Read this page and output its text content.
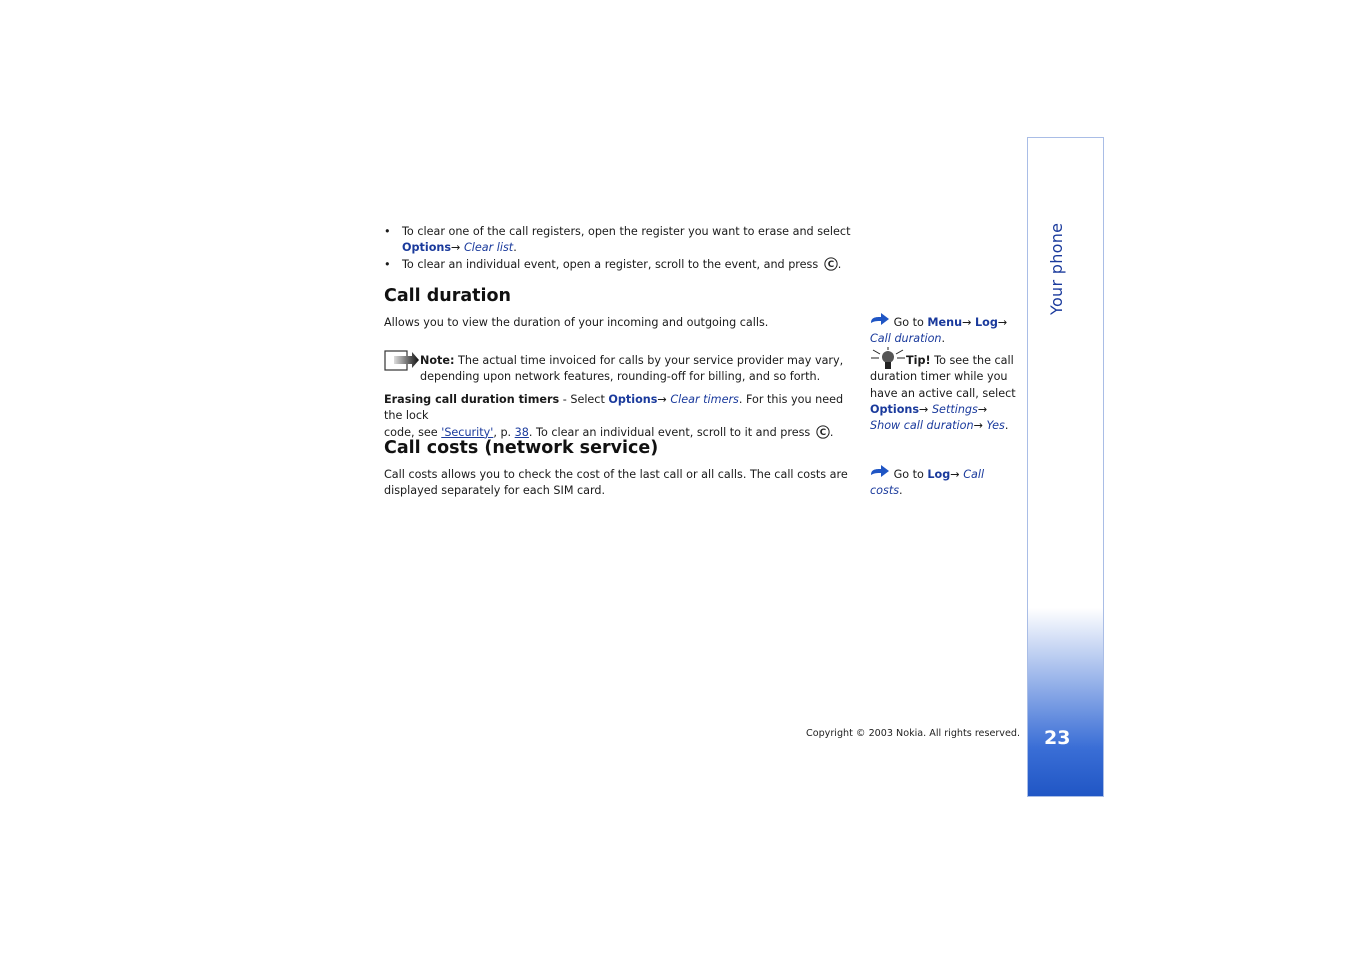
• To clear one of the call registers, open the register you want to erase and select
Options→ Clear list.
• To clear an individual event, open a register, scroll to the event, and press C .
Call duration
Allows you to view the duration of your incoming and outgoing calls.
Note: The actual time invoiced for calls by your service provider may vary,
depending upon network features, rounding-off for billing, and so forth.
Erasing call duration timers - Select Options→ Clear timers. For this you need the lock
code, see 'Security', p. 38. To clear an individual event, scroll to it and press C .
Call costs (network service)
Call costs allows you to check the cost of the last call or all calls. The call costs are
displayed separately for each SIM card.
Go to Menu→ Log→
Call duration.
Tip! To see the call
duration timer while you
have an active call, select
Options→ Settings→
Show call duration→ Yes.
Go to Log→ Call costs.
Copyright © 2003 Nokia. All rights reserved.
Your phone
23
